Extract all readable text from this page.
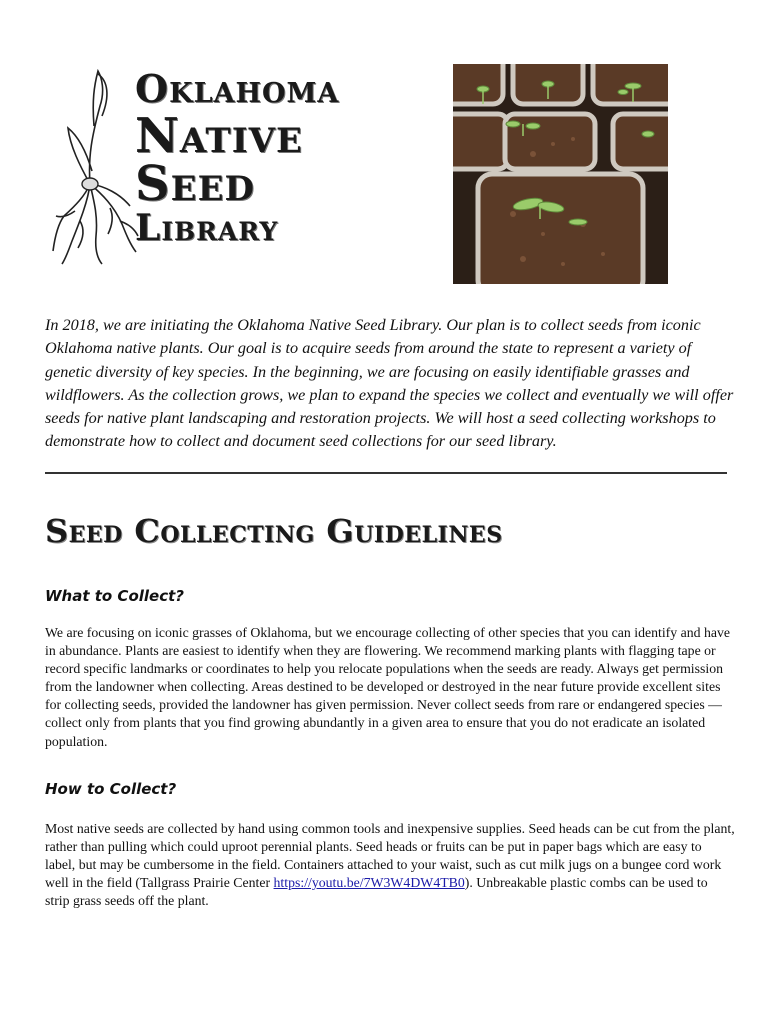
Oklahoma
Native
Seed
Library
In 2018, we are initiating the Oklahoma Native Seed Library. Our plan is to collect seeds from iconic Oklahoma native plants. Our goal is to acquire seeds from around the state to represent a variety of genetic diversity of key species. In the beginning, we are focusing on easily identifiable grasses and wildflowers. As the collection grows, we plan to expand the species we collect and eventually we will offer seeds for native plant landscaping and restoration projects. We will host a seed collecting workshops to demonstrate how to collect and document seed collections for our seed library.
Seed Collecting Guidelines
What to Collect?
We are focusing on iconic grasses of Oklahoma, but we encourage collecting of other species that you can identify and have in abundance. Plants are easiest to identify when they are flowering. We recommend marking plants with flagging tape or record specific landmarks or coordinates to help you relocate populations when the seeds are ready. Always get permission from the landowner when collecting. Areas destined to be developed or destroyed in the near future provide excellent sites for collecting seeds, provided the landowner has given permission. Never collect seeds from rare or endangered species — collect only from plants that you find growing abundantly in a given area to ensure that you do not eradicate an isolated population.
How to Collect?
Most native seeds are collected by hand using common tools and inexpensive supplies. Seed heads can be cut from the plant, rather than pulling which could uproot perennial plants. Seed heads or fruits can be put in paper bags which are easy to label, but may be cumbersome in the field. Containers attached to your waist, such as cut milk jugs on a bungee cord work well in the field (Tallgrass Prairie Center https://youtu.be/7W3W4DW4TB0). Unbreakable plastic combs can be used to strip grass seeds off the plant.
